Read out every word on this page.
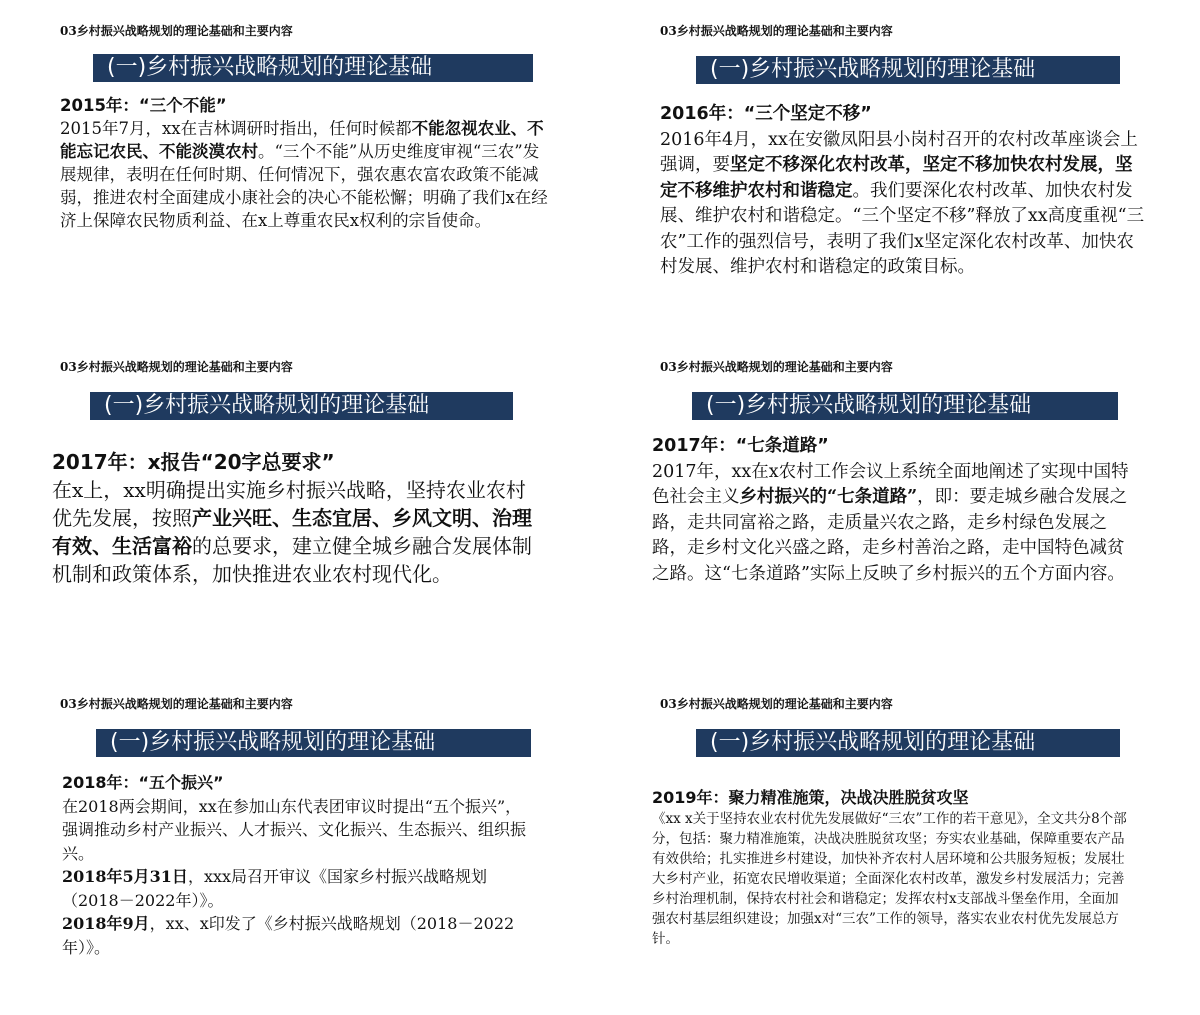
03乡村振兴战略规划的理论基础和主要内容
(一)乡村振兴战略规划的理论基础
2015年：“三个不能”

2015年7月，xx在吉林调研时指出，任何时候都不能忽视农业、不能忘记农民、不能淡漠农村。“三个不能”从历史维度审视“三农”发展规律，表明在任何时期、任何情况下，强农惠农富农政策不能减弱，推进农村全面建成小康社会的决心不能松懈；明确了我们x在经济上保障农民物质利益、在x上尊重农民x权利的宗旨使命。

03乡村振兴战略规划的理论基础和主要内容
(一)乡村振兴战略规划的理论基础
2016年：“三个坚定不移”

2016年4月，xx在安徽凤阳县小岗村召开的农村改革座谈会上强调，要坚定不移深化农村改革，坚定不移加快农村发展，坚定不移维护农村和谐稳定。我们要深化农村改革、加快农村发展、维护农村和谐稳定。“三个坚定不移”释放了xx高度重视“三农”工作的强烈信号，表明了我们x坚定深化农村改革、加快农村发展、维护农村和谐稳定的政策目标。

03乡村振兴战略规划的理论基础和主要内容
(一)乡村振兴战略规划的理论基础
2017年：x报告“20字总要求”

在x上，xx明确提出实施乡村振兴战略，坚持农业农村优先发展，按照产业兴旺、生态宜居、乡风文明、治理有效、生活富裕的总要求，建立健全城乡融合发展体制机制和政策体系，加快推进农业农村现代化。

03乡村振兴战略规划的理论基础和主要内容
(一)乡村振兴战略规划的理论基础
2017年：“七条道路”

2017年，xx在x农村工作会议上系统全面地阐述了实现中国特色社会主义乡村振兴的“七条道路”，即：要走城乡融合发展之路，走共同富裕之路，走质量兴农之路，走乡村绿色发展之路，走乡村文化兴盛之路，走乡村善治之路，走中国特色减贫之路。这“七条道路”实际上反映了乡村振兴的五个方面内容。

03乡村振兴战略规划的理论基础和主要内容
(一)乡村振兴战略规划的理论基础
2018年：“五个振兴”

在2018两会期间，xx在参加山东代表团审议时提出“五个振兴”，强调推动乡村产业振兴、人才振兴、文化振兴、生态振兴、组织振兴。

2018年5月31日，xxx局召开审议《国家乡村振兴战略规划（2018－2022年）》。

2018年9月，xx、x印发了《乡村振兴战略规划（2018－2022年）》。

03乡村振兴战略规划的理论基础和主要内容
(一)乡村振兴战略规划的理论基础
2019年：聚力精准施策，决战决胜脱贫攻坚

《xx x关于坚持农业农村优先发展做好“三农”工作的若干意见》，全文共分8个部分，包括：聚力精准施策，决战决胜脱贫攻坚；夯实农业基础，保障重要农产品有效供给；扎实推进乡村建设，加快补齐农村人居环境和公共服务短板；发展壮大乡村产业，拓宽农民增收渠道；全面深化农村改革，激发乡村发展活力；完善乡村治理机制，保持农村社会和谐稳定；发挥农村x支部战斗堡垒作用，全面加强农村基层组织建设；加强x对“三农”工作的领导，落实农业农村优先发展总方针。
